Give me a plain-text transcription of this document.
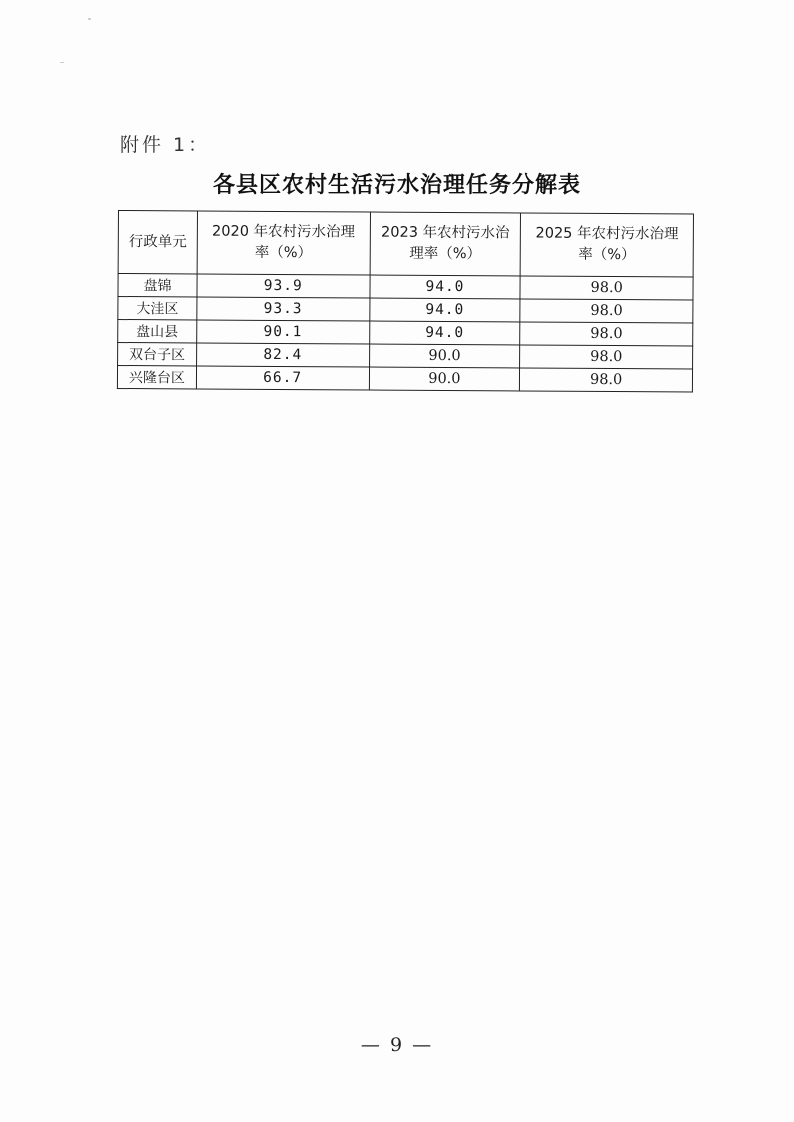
附件 1：
各县区农村生活污水治理任务分解表
行政单元	2020 年农村污水治理率（%）	2023 年农村污水治理率（%）	2025 年农村污水治理率（%）
盘锦	93.9	94.0	98.0
大洼区	93.3	94.0	98.0
盘山县	90.1	94.0	98.0
双台子区	82.4	90.0	98.0
兴隆台区	66.7	90.0	98.0
— 9 —
